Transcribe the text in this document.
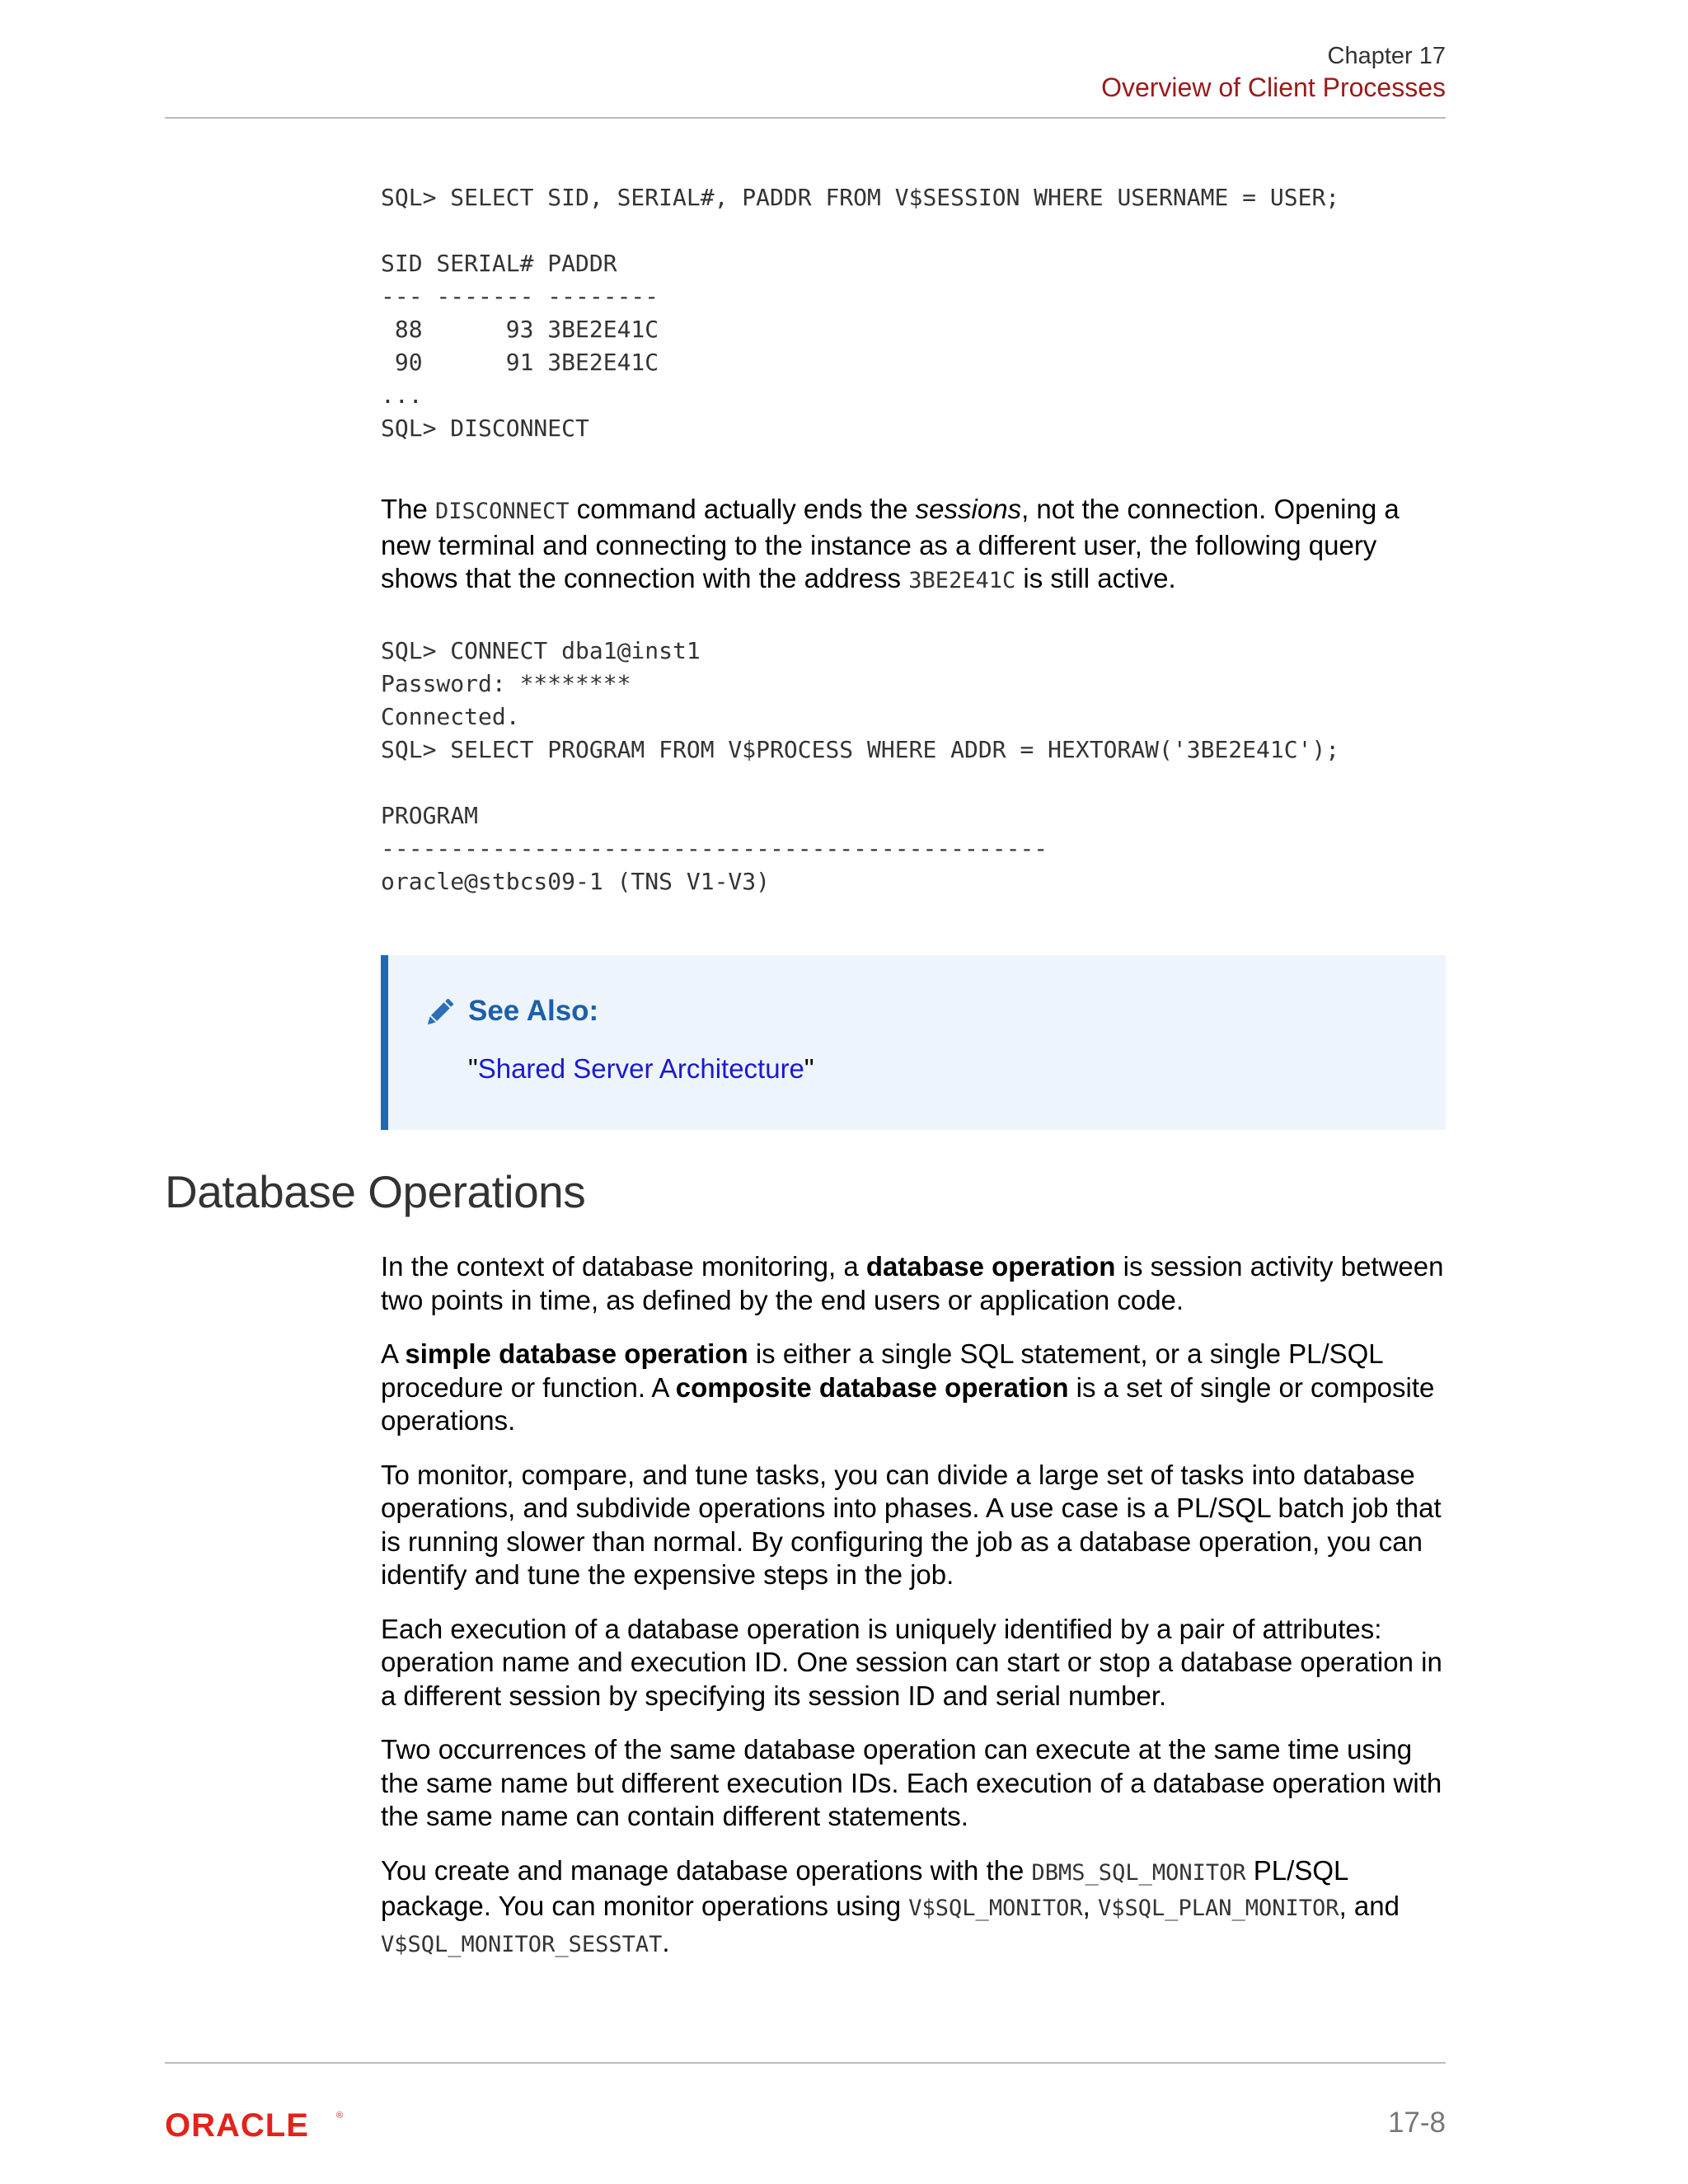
Chapter 17
Overview of Client Processes
SQL> SELECT SID, SERIAL#, PADDR FROM V$SESSION WHERE USERNAME = USER;

SID SERIAL# PADDR
--- ------- --------
88      93 3BE2E41C
90      91 3BE2E41C
...
SQL> DISCONNECT
The DISCONNECT command actually ends the sessions, not the connection. Opening a new terminal and connecting to the instance as a different user, the following query shows that the connection with the address 3BE2E41C is still active.
SQL> CONNECT dba1@inst1
Password: ********
Connected.
SQL> SELECT PROGRAM FROM V$PROCESS WHERE ADDR = HEXTORAW('3BE2E41C');

PROGRAM
------------------------------------------------
oracle@stbcs09-1 (TNS V1-V3)
See Also:
"Shared Server Architecture"
Database Operations

In the context of database monitoring, a database operation is session activity between two points in time, as defined by the end users or application code.

A simple database operation is either a single SQL statement, or a single PL/SQL procedure or function. A composite database operation is a set of single or composite operations.

To monitor, compare, and tune tasks, you can divide a large set of tasks into database operations, and subdivide operations into phases. A use case is a PL/SQL batch job that is running slower than normal. By configuring the job as a database operation, you can identify and tune the expensive steps in the job.

Each execution of a database operation is uniquely identified by a pair of attributes: operation name and execution ID. One session can start or stop a database operation in a different session by specifying its session ID and serial number.

Two occurrences of the same database operation can execute at the same time using the same name but different execution IDs. Each execution of a database operation with the same name can contain different statements.

You create and manage database operations with the DBMS_SQL_MONITOR PL/SQL package. You can monitor operations using V$SQL_MONITOR, V$SQL_PLAN_MONITOR, and V$SQL_MONITOR_SESSTAT.

ORACLE	®	17-8
